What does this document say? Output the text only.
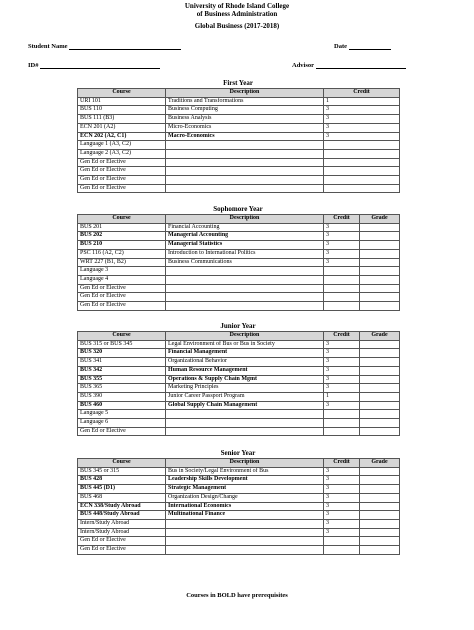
University of Rhode Island College
of Business Administration
Global Business (2017-2018)
Student Name	Date
ID#	Advisor
First Year
Course	Description	Credit
URI 101	Traditions and Transformations	1
BUS 110	Business Computing	3
BUS 111 (B3)	Business Analysis	3
ECN 201 (A2)	Micro-Economics	3
ECN 202 (A2, C1)	Macro-Economics	3
Language 1 (A3, C2)		
Language 2 (A3, C2)		
Gen Ed or Elective		
Gen Ed or Elective		
Gen Ed or Elective		
Gen Ed or Elective		
Sophomore Year
Course	Description	Credit	Grade
BUS 201	Financial Accounting	3	
BUS 202	Managerial Accounting	3	
BUS 210	Managerial Statistics	3	
PSC 116 (A2, C2)	Introduction to International Politics	3	
WRT 227 (B1, B2)	Business Communications	3	
Language 3			
Language 4			
Gen Ed or Elective			
Gen Ed or Elective			
Gen Ed or Elective			
Junior Year
Course	Description	Credit	Grade
BUS 315 or BUS 345	Legal Environment of Bus or Bus in Society	3	
BUS 320	Financial Management	3	
BUS 341	Organizational Behavior	3	
BUS 342	Human Resource Management	3	
BUS 355	Operations & Supply Chain Mgmt	3	
BUS 365	Marketing Principles	3	
BUS 390	Junior Career Passport Program	1	
BUS 460	Global Supply Chain Management	3	
Language 5			
Language 6			
Gen Ed or Elective			
Senior Year
Course	Description	Credit	Grade
BUS 345 or 315	Bus in Society/Legal Environment of Bus	3	
BUS 428	Leadership Skills Development	3	
BUS 445 (D1)	Strategic Management	3	
BUS 468	Organization Design/Change	3	
ECN 338/Study Abroad	International Economics	3	
BUS 448/Study Abroad	Multinational Finance	3	
Intern/Study Abroad		3	
Intern/Study Abroad		3	
Gen Ed or Elective			
Gen Ed or Elective			
Courses in BOLD have prerequisites
